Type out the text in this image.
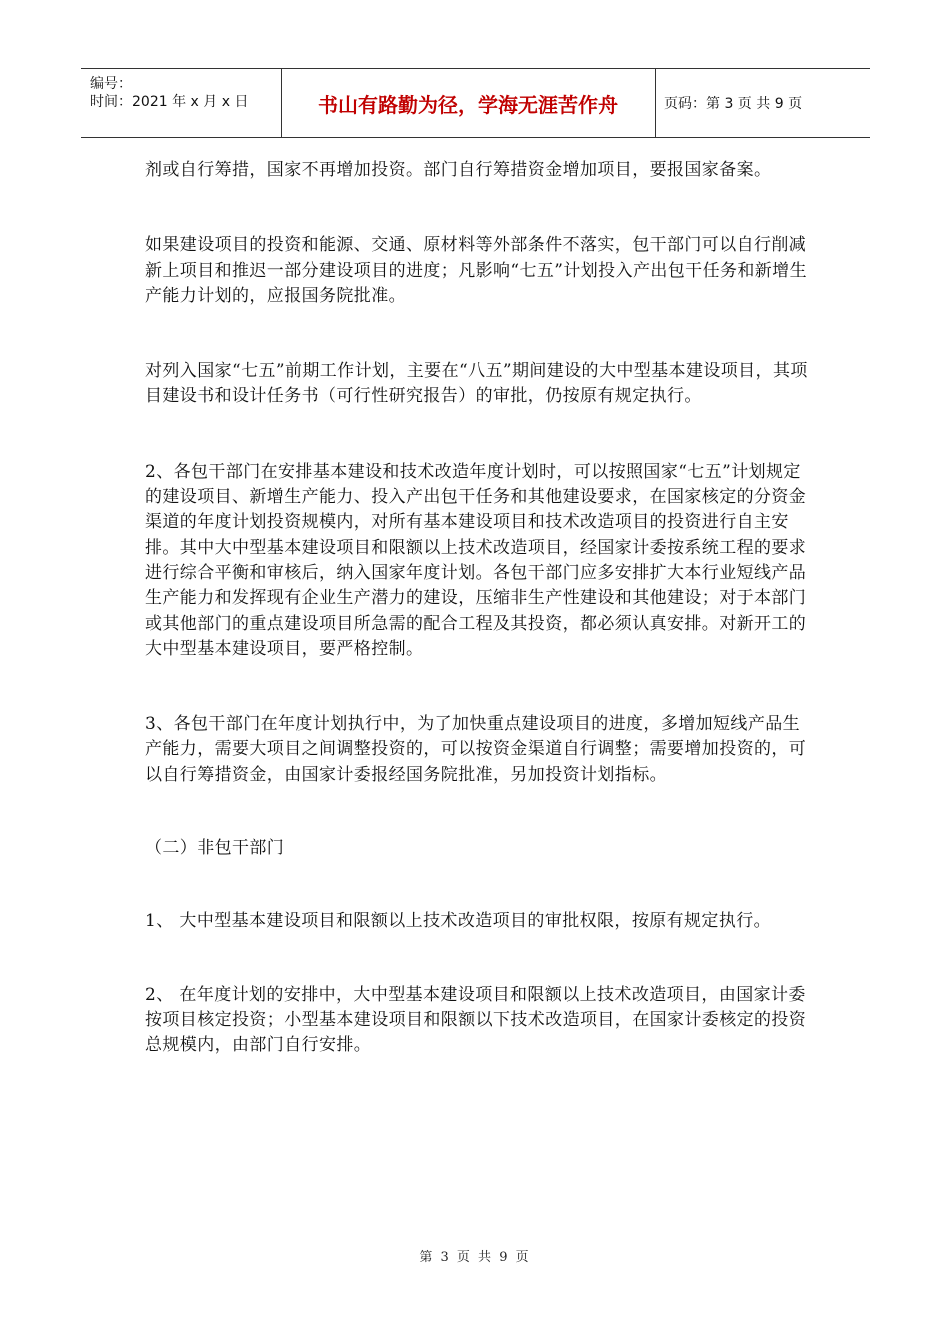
编号：
时间：2021 年 x 月 x 日	书山有路勤为径，学海无涯苦作舟	页码：第 3 页 共 9 页

剂或自行筹措，国家不再增加投资。部门自行筹措资金增加项目，要报国家备案。

如果建设项目的投资和能源、交通、原材料等外部条件不落实，包干部门可以自行削减新上项目和推迟一部分建设项目的进度；凡影响“七五”计划投入产出包干任务和新增生产能力计划的，应报国务院批准。

对列入国家“七五”前期工作计划，主要在“八五”期间建设的大中型基本建设项目，其项目建设书和设计任务书（可行性研究报告）的审批，仍按原有规定执行。

2、各包干部门在安排基本建设和技术改造年度计划时，可以按照国家“七五”计划规定的建设项目、新增生产能力、投入产出包干任务和其他建设要求，在国家核定的分资金渠道的年度计划投资规模内，对所有基本建设项目和技术改造项目的投资进行自主安排。其中大中型基本建设项目和限额以上技术改造项目，经国家计委按系统工程的要求进行综合平衡和审核后，纳入国家年度计划。各包干部门应多安排扩大本行业短线产品生产能力和发挥现有企业生产潜力的建设，压缩非生产性建设和其他建设；对于本部门或其他部门的重点建设项目所急需的配合工程及其投资，都必须认真安排。对新开工的大中型基本建设项目，要严格控制。

3、各包干部门在年度计划执行中，为了加快重点建设项目的进度，多增加短线产品生产能力，需要大项目之间调整投资的，可以按资金渠道自行调整；需要增加投资的，可以自行筹措资金，由国家计委报经国务院批准，另加投资计划指标。

（二）非包干部门

1、 大中型基本建设项目和限额以上技术改造项目的审批权限，按原有规定执行。

2、 在年度计划的安排中，大中型基本建设项目和限额以上技术改造项目，由国家计委按项目核定投资；小型基本建设项目和限额以下技术改造项目，在国家计委核定的投资总规模内，由部门自行安排。

第 3 页 共 9 页
